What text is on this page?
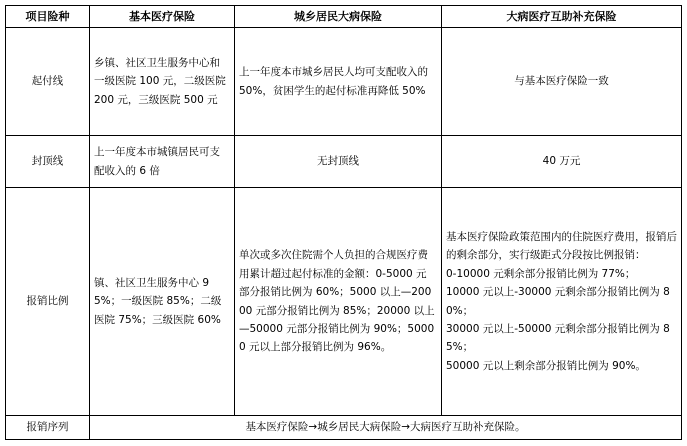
项目险种	基本医疗保险	城乡居民大病保险	大病医疗互助补充保险
起付线	乡镇、社区卫生服务中心和一级医院 100 元，二级医院 200 元，三级医院 500 元	上一年度本市城乡居民人均可支配收入的 50%，贫困学生的起付标准再降低 50%	与基本医疗保险一致
封顶线	上一年度本市城镇居民可支配收入的 6 倍	无封顶线	40 万元
报销比例	镇、社区卫生服务中心 95%；一级医院 85%；二级医院 75%；三级医院 60%	单次或多次住院需个人负担的合规医疗费用累计超过起付标准的金额：0-5000 元部分报销比例为 60%；5000 以上—20000 元部分报销比例为 85%；20000 以上—50000 元部分报销比例为 90%；50000 元以上部分报销比例为 96%。	基本医疗保险政策范围内的住院医疗费用，报销后的剩余部分，实行级距式分段按比例报销：
0-10000 元剩余部分报销比例为 77%；
10000 元以上-30000 元剩余部分报销比例为 80%；
30000 元以上-50000 元剩余部分报销比例为 85%；
50000 元以上剩余部分报销比例为 90%。

报销序列	基本医疗保险→城乡居民大病保险→大病医疗互助补充保险。		
